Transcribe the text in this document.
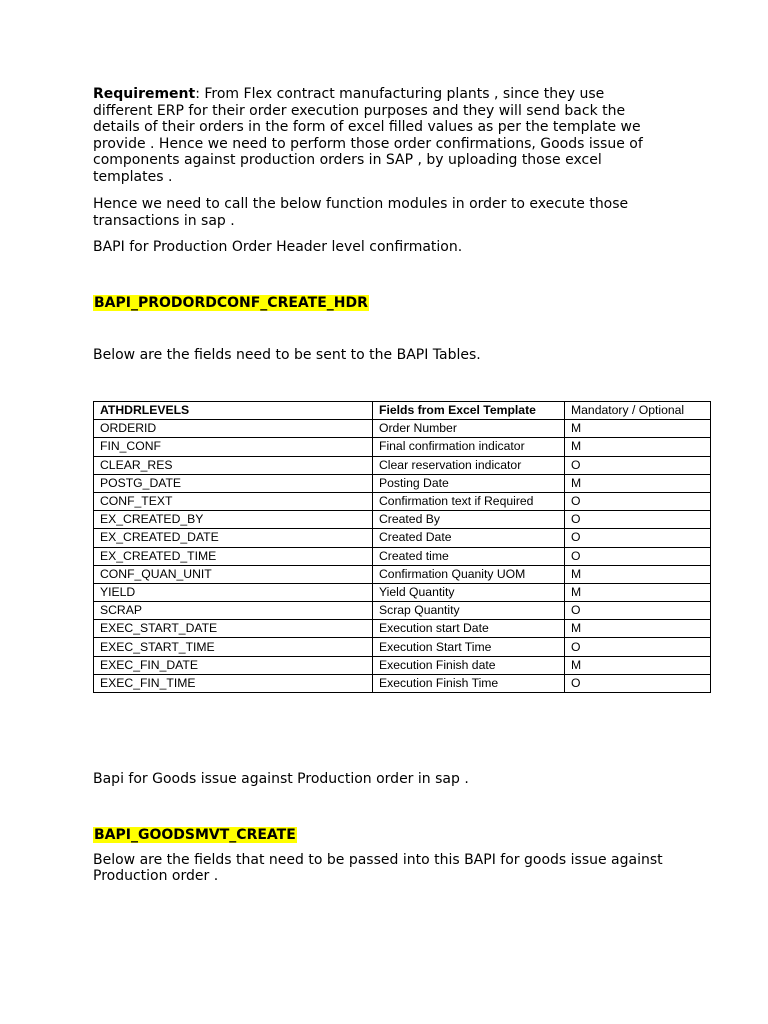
Requirement: From Flex contract manufacturing plants , since they use different ERP for their order execution purposes and they will send back the details of their orders in the form of excel filled values as per the template we provide . Hence we need to perform those order confirmations, Goods issue of components against production orders in SAP , by uploading those excel templates .

Hence we need to call the below function modules in order to execute those transactions in sap .

BAPI for Production Order Header level confirmation.

BAPI_PRODORDCONF_CREATE_HDR

Below are the fields need to be sent to the BAPI Tables.

ATHDRLEVELS	Fields from Excel Template	Mandatory / Optional
ORDERID	Order Number	M
FIN_CONF	Final confirmation indicator	M
CLEAR_RES	Clear reservation indicator	O
POSTG_DATE	Posting Date	M
CONF_TEXT	Confirmation text if Required	O
EX_CREATED_BY	Created By	O
EX_CREATED_DATE	Created Date	O
EX_CREATED_TIME	Created time	O
CONF_QUAN_UNIT	Confirmation Quanity UOM	M
YIELD	Yield Quantity	M
SCRAP	Scrap Quantity	O
EXEC_START_DATE	Execution start Date	M
EXEC_START_TIME	Execution Start Time	O
EXEC_FIN_DATE	Execution Finish date	M
EXEC_FIN_TIME	Execution Finish Time	O

Bapi for Goods issue against Production order in sap .

BAPI_GOODSMVT_CREATE

Below are the fields that need to be passed into this BAPI for goods issue against Production order .
